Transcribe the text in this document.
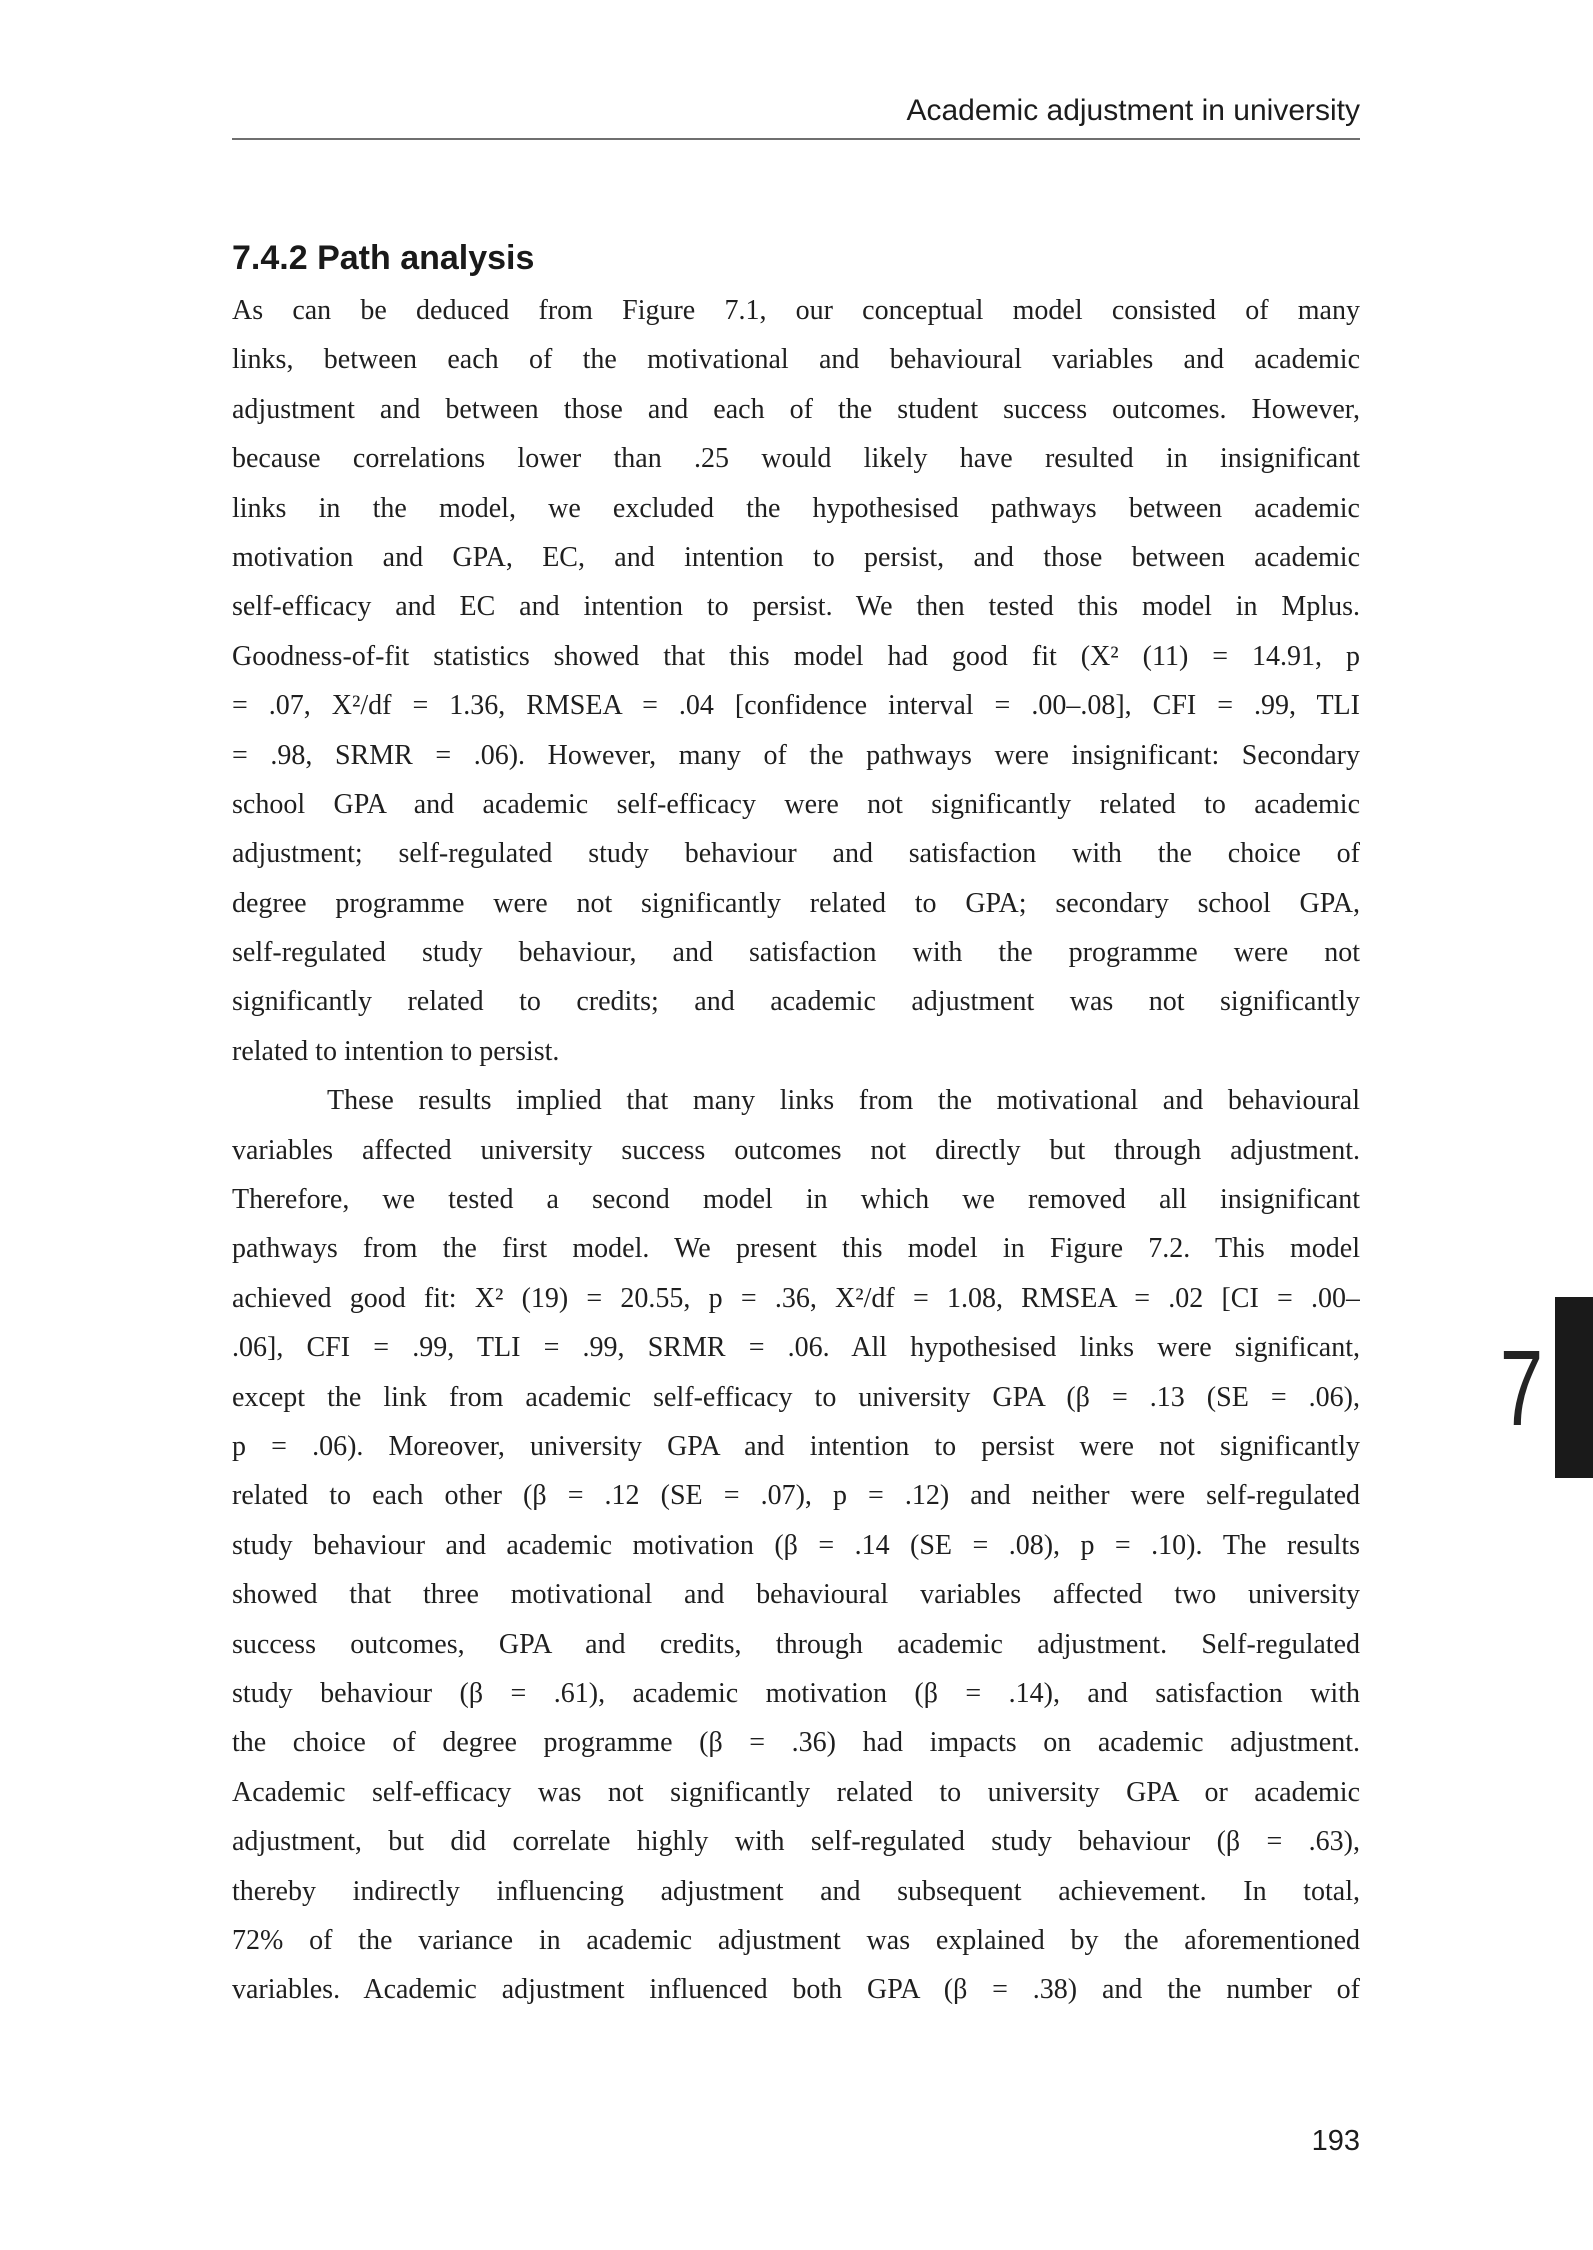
Academic adjustment in university
7.4.2 Path analysis
As can be deduced from Figure 7.1, our conceptual model consisted of many
links, between each of the motivational and behavioural variables and academic
adjustment and between those and each of the student success outcomes. However,
because correlations lower than .25 would likely have resulted in insignificant
links in the model, we excluded the hypothesised pathways between academic
motivation and GPA, EC, and intention to persist, and those between academic
self-efficacy and EC and intention to persist. We then tested this model in Mplus.
Goodness-of-fit statistics showed that this model had good fit (X² (11) = 14.91, p
= .07, X²/df = 1.36, RMSEA = .04 [confidence interval = .00–.08], CFI = .99, TLI
= .98, SRMR = .06). However, many of the pathways were insignificant: Secondary
school GPA and academic self-efficacy were not significantly related to academic
adjustment; self-regulated study behaviour and satisfaction with the choice of
degree programme were not significantly related to GPA; secondary school GPA,
self-regulated study behaviour, and satisfaction with the programme were not
significantly related to credits; and academic adjustment was not significantly
related to intention to persist.
These results implied that many links from the motivational and behavioural
variables affected university success outcomes not directly but through adjustment.
Therefore, we tested a second model in which we removed all insignificant
pathways from the first model. We present this model in Figure 7.2. This model
achieved good fit: X² (19) = 20.55, p = .36, X²/df = 1.08, RMSEA = .02 [CI = .00–
.06], CFI = .99, TLI = .99, SRMR = .06. All hypothesised links were significant,
except the link from academic self-efficacy to university GPA (β = .13 (SE = .06),
p = .06). Moreover, university GPA and intention to persist were not significantly
related to each other (β = .12 (SE = .07), p = .12) and neither were self-regulated
study behaviour and academic motivation (β = .14 (SE = .08), p = .10). The results
showed that three motivational and behavioural variables affected two university
success outcomes, GPA and credits, through academic adjustment. Self-regulated
study behaviour (β = .61), academic motivation (β = .14), and satisfaction with
the choice of degree programme (β = .36) had impacts on academic adjustment.
Academic self-efficacy was not significantly related to university GPA or academic
adjustment, but did correlate highly with self-regulated study behaviour (β = .63),
thereby indirectly influencing adjustment and subsequent achievement. In total,
72% of the variance in academic adjustment was explained by the aforementioned
variables. Academic adjustment influenced both GPA (β = .38) and the number of
7
193
